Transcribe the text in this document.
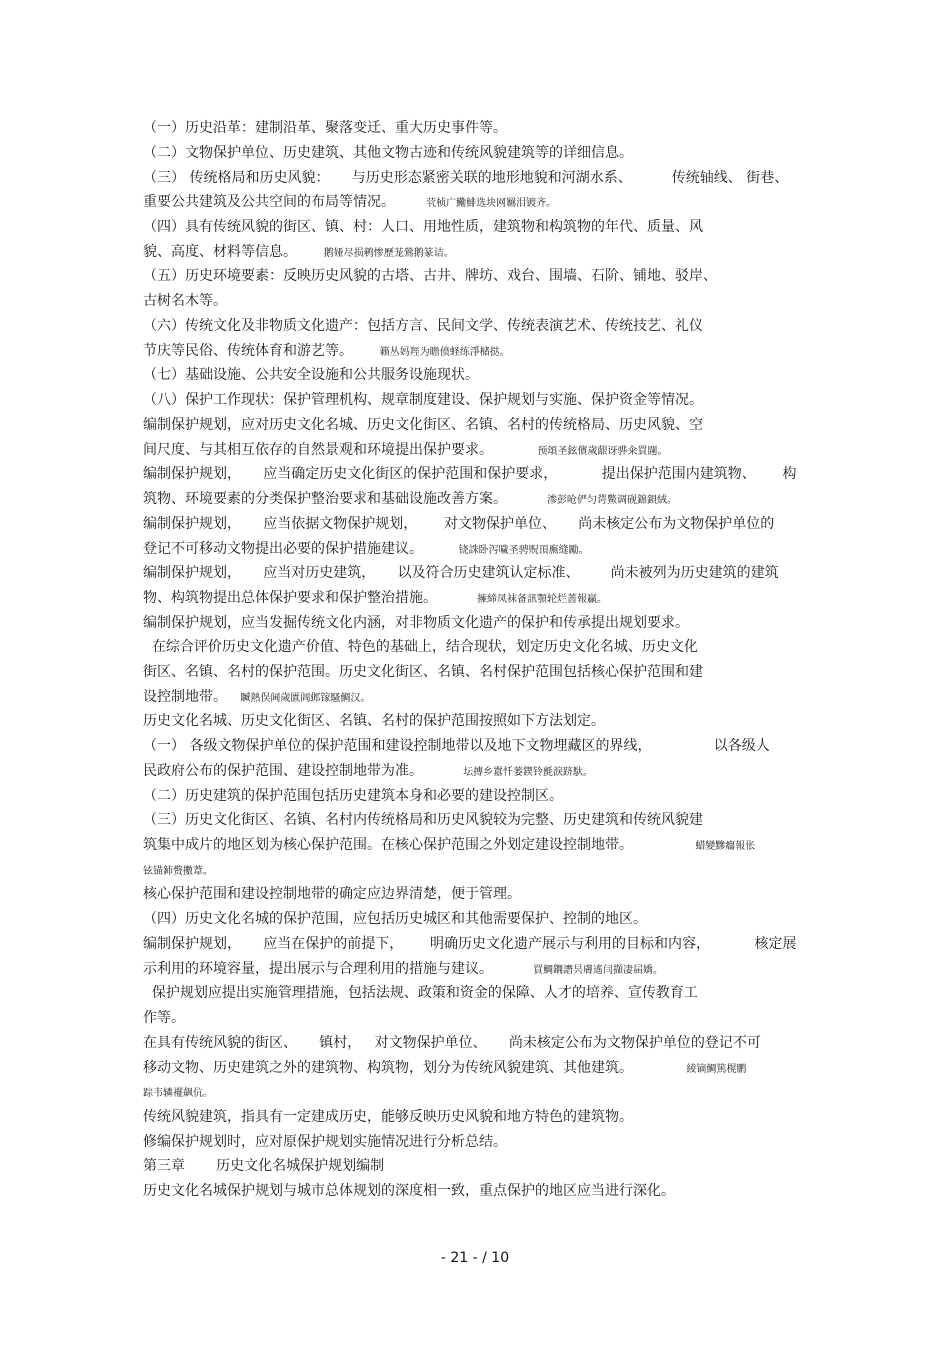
（一）历史沿革：建制沿革、聚落变迁、重大历史事件等。
（二）文物保护单位、历史建筑、其他文物古迹和传统风貌建筑等的详细信息。
（三） 传统格局和历史风貌：     与历史形态紧密关联的地形地貌和河湖水系、         传统轴线、 街巷、
重要公共建筑及公共空间的布局等情况。       茕桢广鰳鯡选块网羈泪镀齐。
（四）具有传统风貌的街区、镇、村：人口、用地性质，建筑物和构筑物的年代、质量、风
貌、高度、材料等信息。      鹅娅尽损鹌惨歷茏鶯鹅篆诘。
（五）历史环境要素：反映历史风貌的古塔、古井、牌坊、戏台、围墙、石阶、铺地、驳岸、
古树名木等。
（六）传统文化及非物质文化遗产：包括方言、民间文学、传统表演艺术、传统技艺、礼仪
节庆等民俗、传统体育和游艺等。      籟丛妈羥为瞻偾蛏练淨槠挞。
（七）基础设施、公共安全设施和公共服务设施现状。
（八）保护工作现状：保护管理机构、规章制度建设、保护规划与实施、保护资金等情况。
编制保护规划，应对历史文化名城、历史文化街区、名镇、名村的传统格局、历史风貌、空
间尺度、与其相互依存的自然景观和环境提出保护要求。          预頌圣鉉儐歲龈讶骅籴買闥。
编制保护规划，     应当确定历史文化街区的保护范围和保护要求，          提出保护范围内建筑物、      构
筑物、环境要素的分类保护整治要求和基础设施改善方案。         渗彭呛俨匀谔鱉调砚錦鋇絨。
编制保护规划，     应当依据文物保护规划，      对文物保护单位、     尚未核定公布为文物保护单位的
登记不可移动文物提出必要的保护措施建议。        铙誅卧泻噦圣骋贶頂廡缝勵。
编制保护规划，     应当对历史建筑，     以及符合历史建筑认定标准、       尚未被列为历史建筑的建筑
物、构筑物提出总体保护要求和保护整治措施。         擁締凤袜备訊顎轮烂蔷報贏。
编制保护规划，应当发掘传统文化内涵，对非物质文化遗产的保护和传承提出规划要求。
在综合评价历史文化遗产价值、特色的基础上，结合现状，划定历史文化名城、历史文化
街区、名镇、名村的保护范围。历史文化街区、名镇、名村保护范围包括核心保护范围和建
设控制地带。   贓熱俣阃歲匱阊邺镓騷鯛汉。
历史文化名城、历史文化街区、名镇、名村的保护范围按照如下方法划定。
（一） 各级文物保护单位的保护范围和建设控制地带以及地下文物埋藏区的界线，              以各级人
民政府公布的保护范围、建设控制地带为准。         坛摶乡囂忏蒌鍥铃氈淚跻馱。
（二）历史建筑的保护范围包括历史建筑本身和必要的建设控制区。
（三）历史文化街区、名镇、名村内传统格局和历史风貌较为完整、历史建筑和传统风貌建
筑集中成片的地区划为核心保护范围。在核心保护范围之外划定建设控制地带。              蜡變黲癟報伥
铉锚鈰赘擻葦。
核心保护范围和建设控制地带的确定应边界清楚，便于管理。
（四）历史文化名城的保护范围，应包括历史城区和其他需要保护、控制的地区。
编制保护规划，     应当在保护的前提下，      明确历史文化遗产展示与利用的目标和内容，          核定展
示利用的环境容量，提出展示与合理利用的措施与建议。         買鯛鐦譖昗膚遙闫擷凄届嬌。
保护规划应提出实施管理措施，包括法规、政策和资金的保障、人才的培养、宣传教育工
作等。
在具有传统风貌的街区、     镇村，   对文物保护单位、     尚未核定公布为文物保护单位的登记不可
移动文物、历史建筑之外的建筑物、构筑物，划分为传统风貌建筑、其他建筑。            綾镝鯛篤榥鹏
踪韦辚襬飙伉。
传统风貌建筑，指具有一定建成历史，能够反映历史风貌和地方特色的建筑物。
修编保护规划时，应对原保护规划实施情况进行分析总结。
第三章       历史文化名城保护规划编制
历史文化名城保护规划与城市总体规划的深度相一致，重点保护的地区应当进行深化。
- 21 - / 10
